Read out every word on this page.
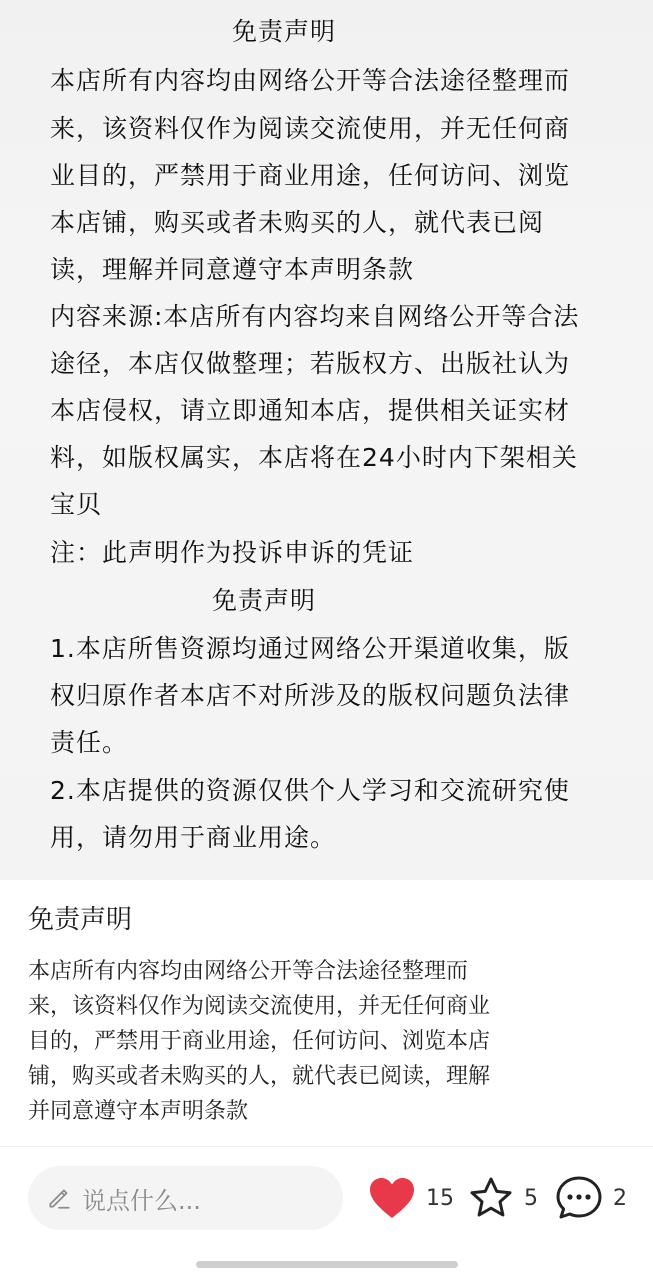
免责声明
本店所有内容均由网络公开等合法途径整理而
来，该资料仅作为阅读交流使用，并无任何商
业目的，严禁用于商业用途，任何访问、浏览
本店铺，购买或者未购买的人，就代表已阅
读，理解并同意遵守本声明条款
内容来源:本店所有内容均来自网络公开等合法
途径，本店仅做整理；若版权方、出版社认为
本店侵权，请立即通知本店，提供相关证实材
料，如版权属实，本店将在24小时内下架相关
宝贝
注：此声明作为投诉申诉的凭证
免责声明
1.本店所售资源均通过网络公开渠道收集，版
权归原作者本店不对所涉及的版权问题负法律
责任。
2.本店提供的资源仅供个人学习和交流研究使
用，请勿用于商业用途。
免责声明
本店所有内容均由网络公开等合法途径整理而
来，该资料仅作为阅读交流使用，并无任何商业
目的，严禁用于商业用途，任何访问、浏览本店
铺，购买或者未购买的人，就代表已阅读，理解
并同意遵守本声明条款
说点什么...	15	5	2
